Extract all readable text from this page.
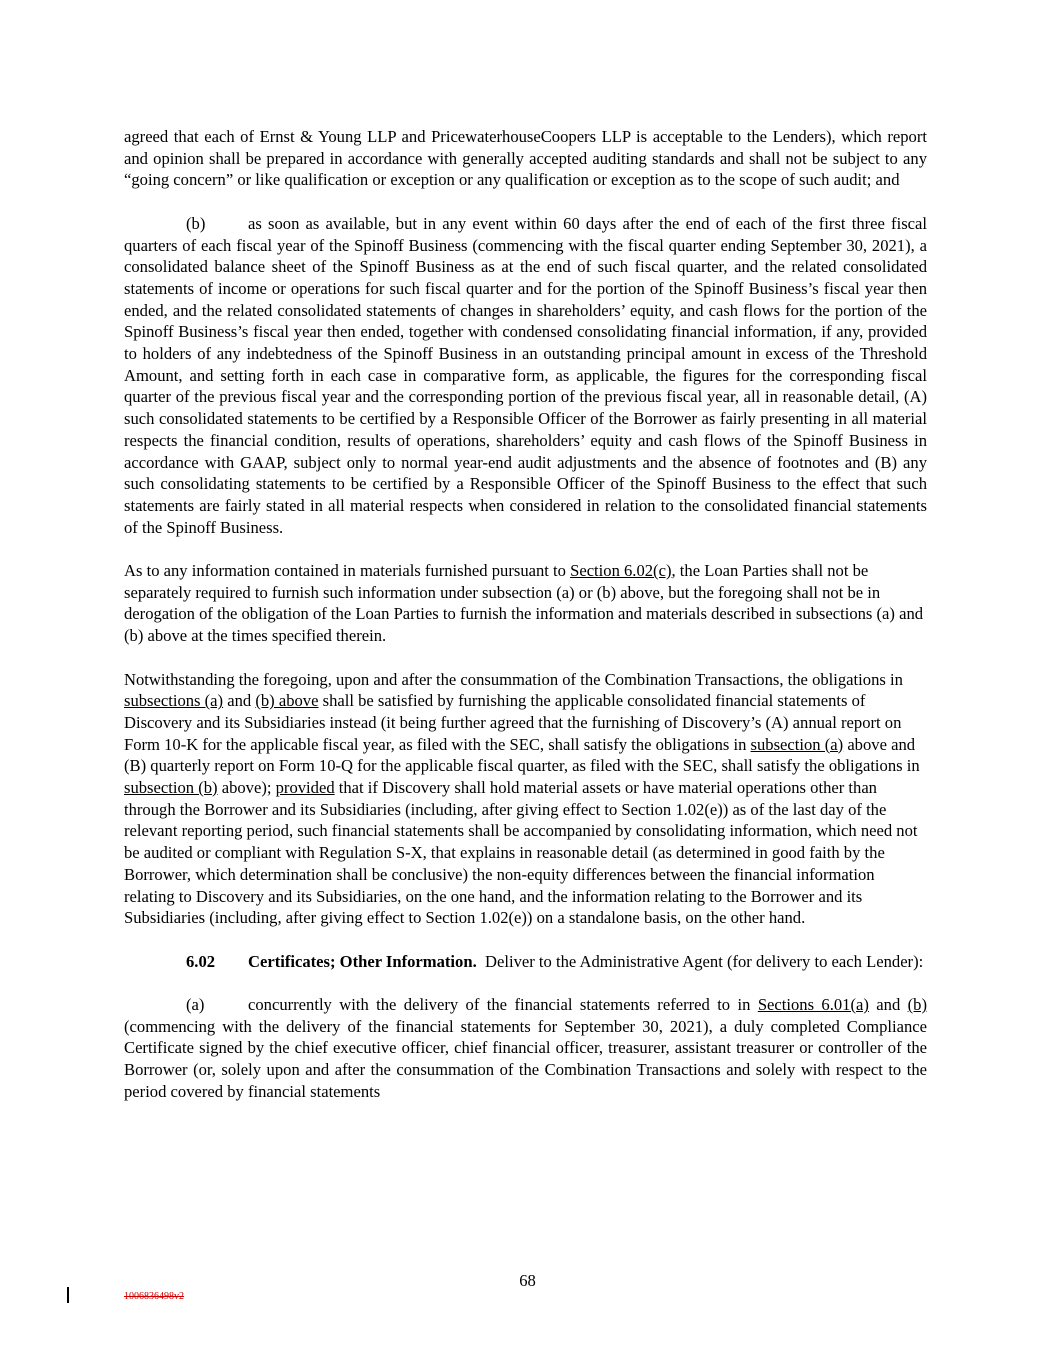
agreed that each of Ernst & Young LLP and PricewaterhouseCoopers LLP is acceptable to the Lenders), which report and opinion shall be prepared in accordance with generally accepted auditing standards and shall not be subject to any “going concern” or like qualification or exception or any qualification or exception as to the scope of such audit; and

(b)	as soon as available, but in any event within 60 days after the end of each of the first three fiscal quarters of each fiscal year of the Spinoff Business (commencing with the fiscal quarter ending September 30, 2021), a consolidated balance sheet of the Spinoff Business as at the end of such fiscal quarter, and the related consolidated statements of income or operations for such fiscal quarter and for the portion of the Spinoff Business’s fiscal year then ended, and the related consolidated statements of changes in shareholders’ equity, and cash flows for the portion of the Spinoff Business’s fiscal year then ended, together with condensed consolidating financial information, if any, provided to holders of any indebtedness of the Spinoff Business in an outstanding principal amount in excess of the Threshold Amount, and setting forth in each case in comparative form, as applicable, the figures for the corresponding fiscal quarter of the previous fiscal year and the corresponding portion of the previous fiscal year, all in reasonable detail, (A) such consolidated statements to be certified by a Responsible Officer of the Borrower as fairly presenting in all material respects the financial condition, results of operations, shareholders’ equity and cash flows of the Spinoff Business in accordance with GAAP, subject only to normal year-end audit adjustments and the absence of footnotes and (B) any such consolidating statements to be certified by a Responsible Officer of the Spinoff Business to the effect that such statements are fairly stated in all material respects when considered in relation to the consolidated financial statements of the Spinoff Business.

As to any information contained in materials furnished pursuant to Section 6.02(c), the Loan Parties shall not be separately required to furnish such information under subsection (a) or (b) above, but the foregoing shall not be in derogation of the obligation of the Loan Parties to furnish the information and materials described in subsections (a) and (b) above at the times specified therein.

Notwithstanding the foregoing, upon and after the consummation of the Combination Transactions, the obligations in subsections (a) and (b) above shall be satisfied by furnishing the applicable consolidated financial statements of Discovery and its Subsidiaries instead (it being further agreed that the furnishing of Discovery’s (A) annual report on Form 10-K for the applicable fiscal year, as filed with the SEC, shall satisfy the obligations in subsection (a) above and (B) quarterly report on Form 10-Q for the applicable fiscal quarter, as filed with the SEC, shall satisfy the obligations in subsection (b) above); provided that if Discovery shall hold material assets or have material operations other than through the Borrower and its Subsidiaries (including, after giving effect to Section 1.02(e)) as of the last day of the relevant reporting period, such financial statements shall be accompanied by consolidating information, which need not be audited or compliant with Regulation S-X, that explains in reasonable detail (as determined in good faith by the Borrower, which determination shall be conclusive) the non-equity differences between the financial information relating to Discovery and its Subsidiaries, on the one hand, and the information relating to the Borrower and its Subsidiaries (including, after giving effect to Section 1.02(e)) on a standalone basis, on the other hand.

6.02 Certificates; Other Information. Deliver to the Administrative Agent (for delivery to each Lender):

(a)	concurrently with the delivery of the financial statements referred to in Sections 6.01(a) and (b) (commencing with the delivery of the financial statements for September 30, 2021), a duly completed Compliance Certificate signed by the chief executive officer, chief financial officer, treasurer, assistant treasurer or controller of the Borrower (or, solely upon and after the consummation of the Combination Transactions and solely with respect to the period covered by financial statements

68
1006836498v2
